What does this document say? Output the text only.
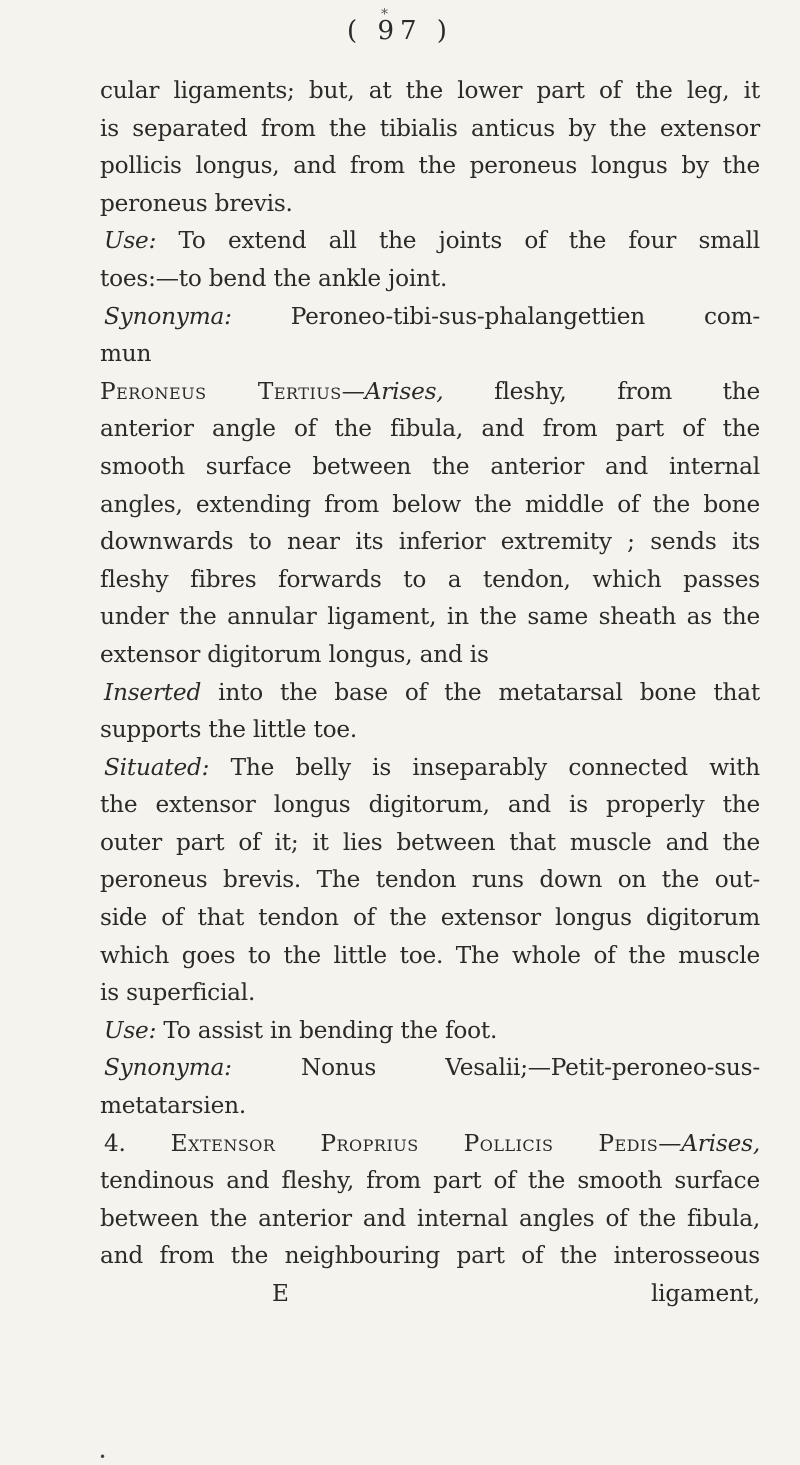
⁎
( 97 )
cular ligaments; but, at the lower part of the leg, it
is separated from the tibialis anticus by the extensor
pollicis longus, and from the peroneus longus by the
peroneus brevis.
Use: To extend all the joints of the four small
toes:—to bend the ankle joint.
Synonyma: Peroneo-tibi-sus-phalangettien com-
mun
Peroneus Tertius—Arises, fleshy, from the
anterior angle of the fibula, and from part of the
smooth surface between the anterior and internal
angles, extending from below the middle of the bone
downwards to near its inferior extremity ; sends its
fleshy fibres forwards to a tendon, which passes
under the annular ligament, in the same sheath as the
extensor digitorum longus, and is
Inserted into the base of the metatarsal bone that
supports the little toe.
Situated: The belly is inseparably connected with
the extensor longus digitorum, and is properly the
outer part of it; it lies between that muscle and the
peroneus brevis. The tendon runs down on the out-
side of that tendon of the extensor longus digitorum
which goes to the little toe. The whole of the muscle
is superficial.
Use: To assist in bending the foot.
Synonyma: Nonus Vesalii;—Petit-peroneo-sus-
metatarsien.
4. Extensor Proprius Pollicis Pedis—Arises,
tendinous and fleshy, from part of the smooth surface
between the anterior and internal angles of the fibula,
and from the neighbouring part of the interosseous
E	ligament,
•
